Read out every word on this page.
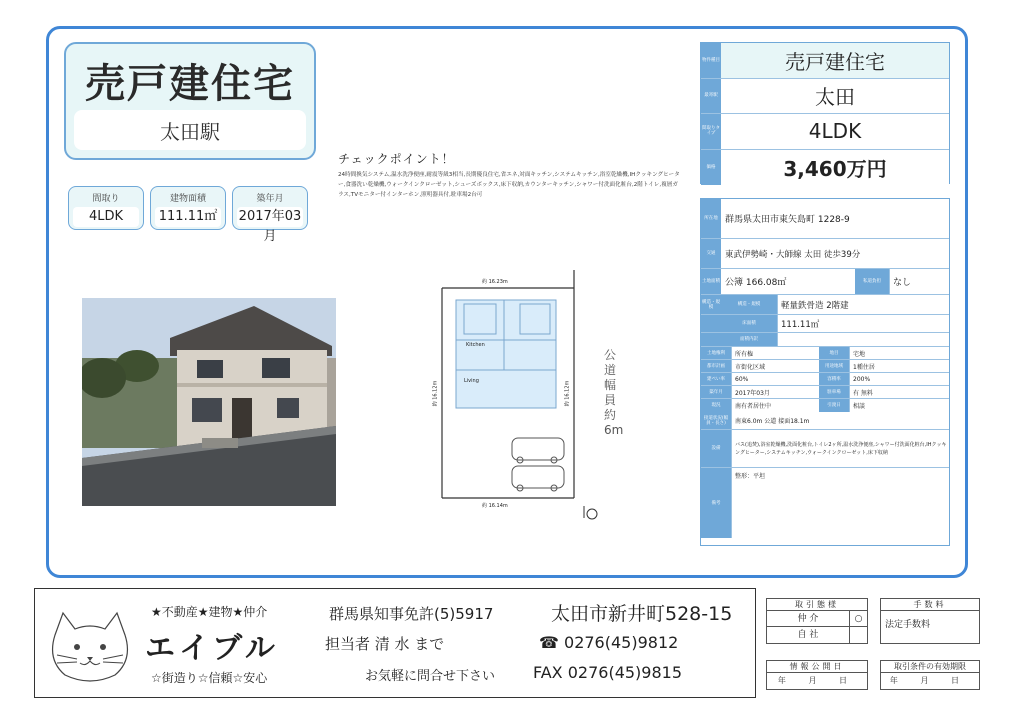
売戸建住宅
太田駅
間取り
4LDK
建物面積
111.11㎡
築年月
2017年03月
チェックポイント！
24時間換気システム,温水洗浄便座,耐震等級3相当,長期優良住宅,省エネ,対面キッチン,システムキッチン,浴室乾燥機,IHクッキングヒーター,食器洗い乾燥機,ウォークインクローゼット,シューズボックス,床下収納,カウンターキッチン,シャワー付洗面化粧台,2階トイレ,複層ガラス,TVモニター付インターホン,照明器具付,駐車場2台可
約 16.23m
約 16.12m	約 16.12m
約 16.14m
Kitchen
Living
公道 幅員約6m
物件種目	売戸建住宅
最寄駅	太田
間取りタイプ	4LDK
価格	3,460万円
所在地 群馬県太田市東矢島町 1228-9
交通	東武伊勢崎・大師線 太田 徒歩39分
土地面積 公簿 166.08㎡	私道負担	なし
構造・規模	構造・規模	軽量鉄骨造 2階建
床面積	111.11㎡
面積内訳
土地権利	所有権	地目	宅地
都市計画	市街化区域	用途地域	1種住居
建ぺい率	60%	容積率	200%
築年月	2017年03月	駐車場	有 無料
現況	南有者居住中	引渡日	相談
接道状況(幅員・長さ)	南東6.0m 公道 接面18.1m
設備
バス(追焚),浴室乾燥機,洗面化粧台,トイレ2ヶ所,温水洗浄便座,シャワー付洗面化粧台,IHクッキングヒーター,システムキッチン,ウォークインクローゼット,床下収納
備考
整形：平坦
★不動産★建物★仲介
エイブル
☆街造り☆信頼☆安心
群馬県知事免許(5)5917
担当者 清 水 まで
お気軽に問合せ下さい
太田市新井町528-15
☎ 0276(45)9812
FAX 0276(45)9815
取引態様
仲 介	○
自 社
手数料
法定手数料
情報公開日
年 月 日
取引条件の有効期限
年 月 日
